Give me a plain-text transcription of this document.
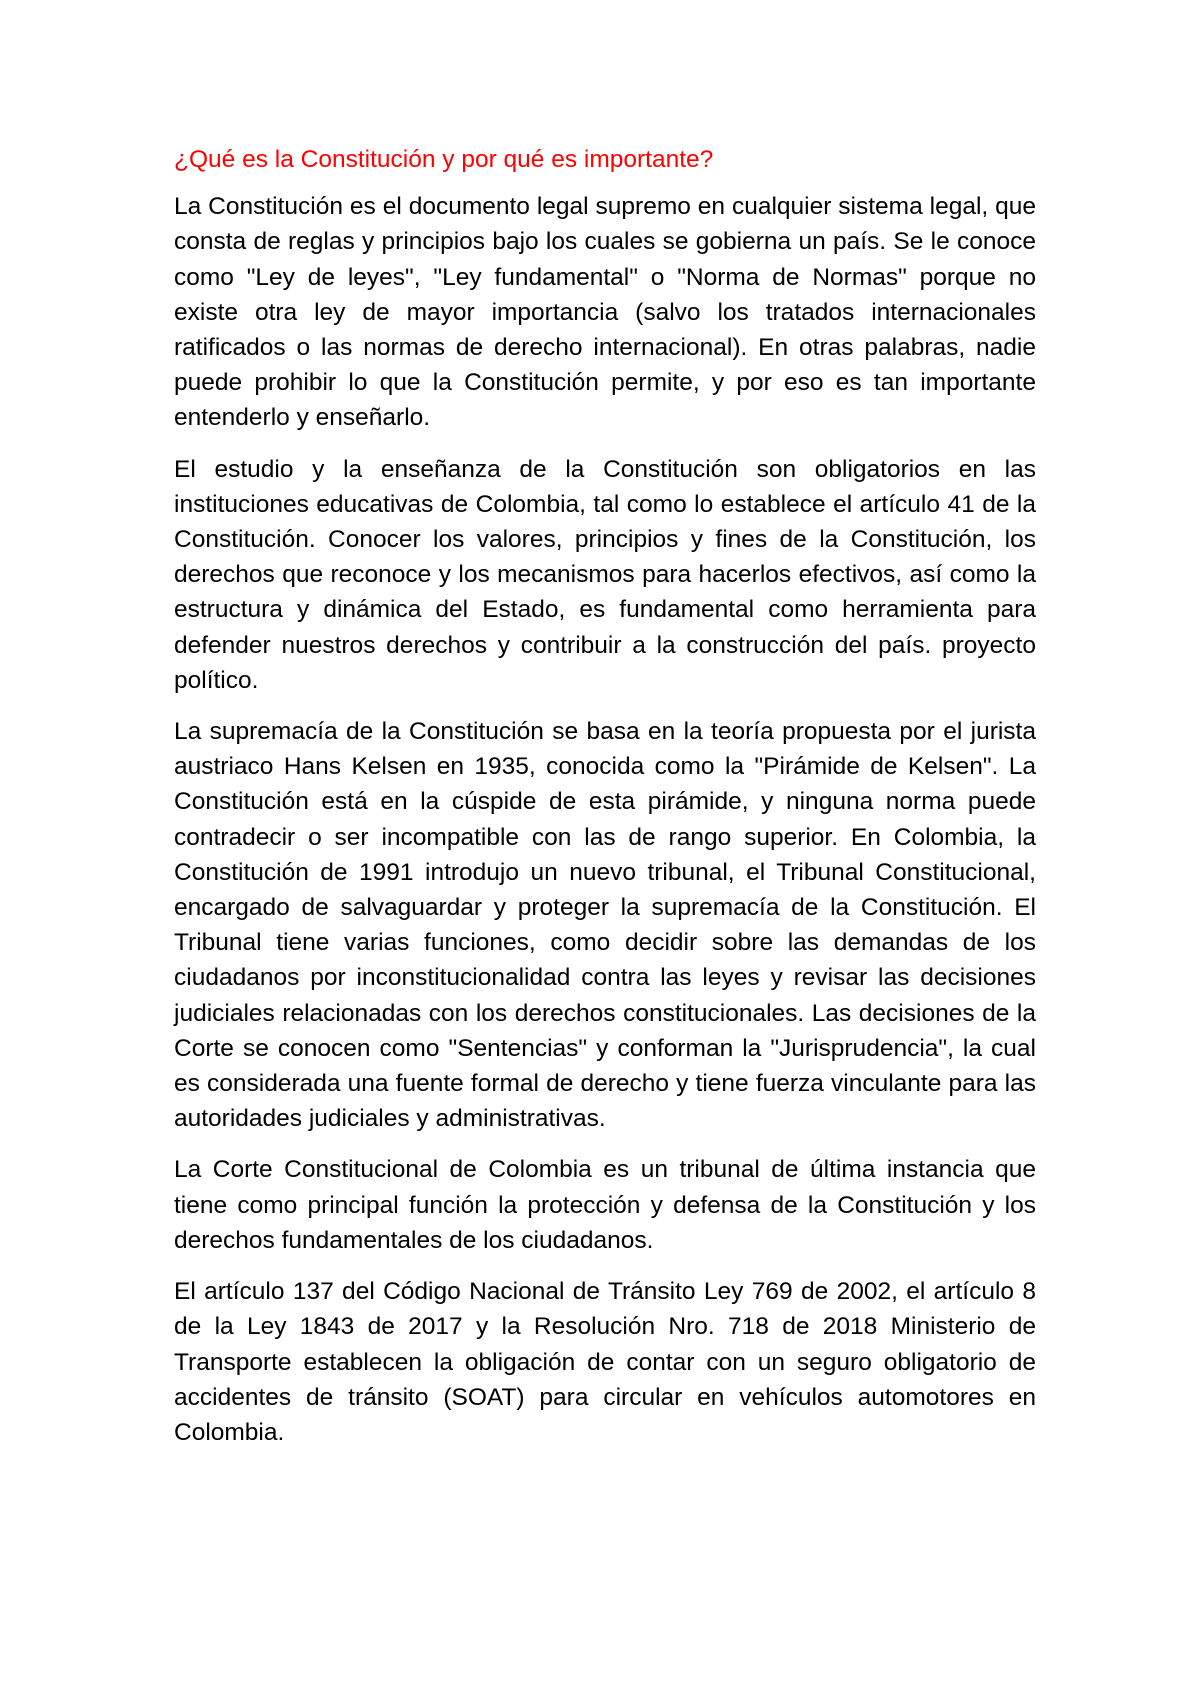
¿Qué es la Constitución y por qué es importante?

La Constitución es el documento legal supremo en cualquier sistema legal, que consta de reglas y principios bajo los cuales se gobierna un país. Se le conoce como "Ley de leyes", "Ley fundamental" o "Norma de Normas" porque no existe otra ley de mayor importancia (salvo los tratados internacionales ratificados o las normas de derecho internacional). En otras palabras, nadie puede prohibir lo que la Constitución permite, y por eso es tan importante entenderlo y enseñarlo.

El estudio y la enseñanza de la Constitución son obligatorios en las instituciones educativas de Colombia, tal como lo establece el artículo 41 de la Constitución. Conocer los valores, principios y fines de la Constitución, los derechos que reconoce y los mecanismos para hacerlos efectivos, así como la estructura y dinámica del Estado, es fundamental como herramienta para defender nuestros derechos y contribuir a la construcción del país. proyecto político.

La supremacía de la Constitución se basa en la teoría propuesta por el jurista austriaco Hans Kelsen en 1935, conocida como la "Pirámide de Kelsen". La Constitución está en la cúspide de esta pirámide, y ninguna norma puede contradecir o ser incompatible con las de rango superior. En Colombia, la Constitución de 1991 introdujo un nuevo tribunal, el Tribunal Constitucional, encargado de salvaguardar y proteger la supremacía de la Constitución. El Tribunal tiene varias funciones, como decidir sobre las demandas de los ciudadanos por inconstitucionalidad contra las leyes y revisar las decisiones judiciales relacionadas con los derechos constitucionales. Las decisiones de la Corte se conocen como "Sentencias" y conforman la "Jurisprudencia", la cual es considerada una fuente formal de derecho y tiene fuerza vinculante para las autoridades judiciales y administrativas.

La Corte Constitucional de Colombia es un tribunal de última instancia que tiene como principal función la protección y defensa de la Constitución y los derechos fundamentales de los ciudadanos.

El artículo 137 del Código Nacional de Tránsito Ley 769 de 2002, el artículo 8 de la Ley 1843 de 2017 y la Resolución Nro. 718 de 2018 Ministerio de Transporte establecen la obligación de contar con un seguro obligatorio de accidentes de tránsito (SOAT) para circular en vehículos automotores en Colombia.
